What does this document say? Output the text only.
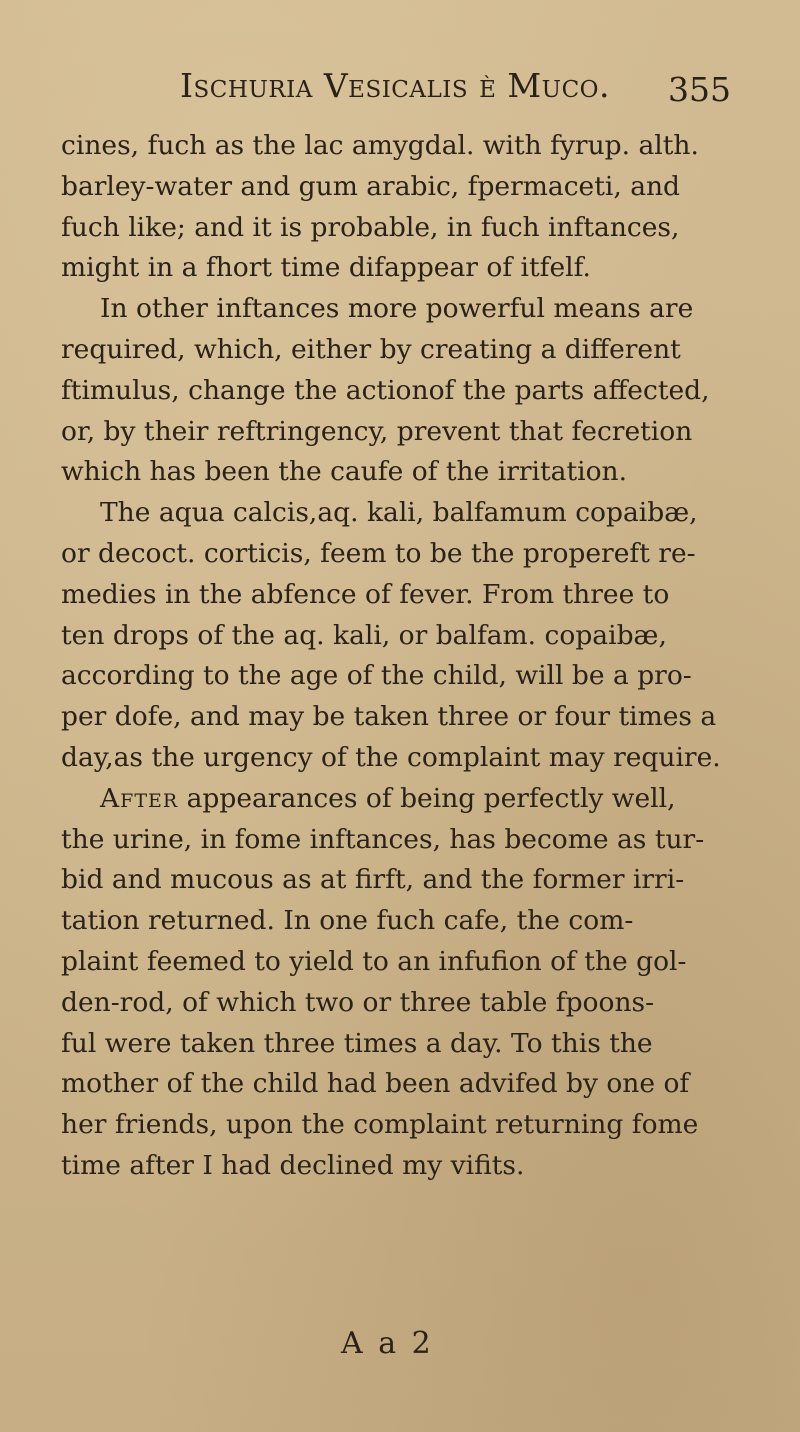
Ischuria Vesicalis è Muco. 355
cines, fuch as the lac amygdal. with fyrup. alth.
barley-water and gum arabic, fpermaceti, and
fuch like; and it is probable, in fuch inftances,
might in a fhort time difappear of itfelf.
In other inftances more powerful means are
required, which, either by creating a different
ftimulus, change the actionof the parts affected,
or, by their reftringency, prevent that fecretion
which has been the caufe of the irritation.
The aqua calcis,aq. kali, balfamum copaibæ,
or decoct. corticis, feem to be the propereft re-
medies in the abfence of fever. From three to
ten drops of the aq. kali, or balfam. copaibæ,
according to the age of the child, will be a pro-
per dofe, and may be taken three or four times a
day,as the urgency of the complaint may require.
After appearances of being perfectly well,
the urine, in fome inftances, has become as tur-
bid and mucous as at firft, and the former irri-
tation returned. In one fuch cafe, the com-
plaint feemed to yield to an infufion of the gol-
den-rod, of which two or three table fpoons-
ful were taken three times a day. To this the
mother of the child had been advifed by one of
her friends, upon the complaint returning fome
time after I had declined my vifits.
A a 2
